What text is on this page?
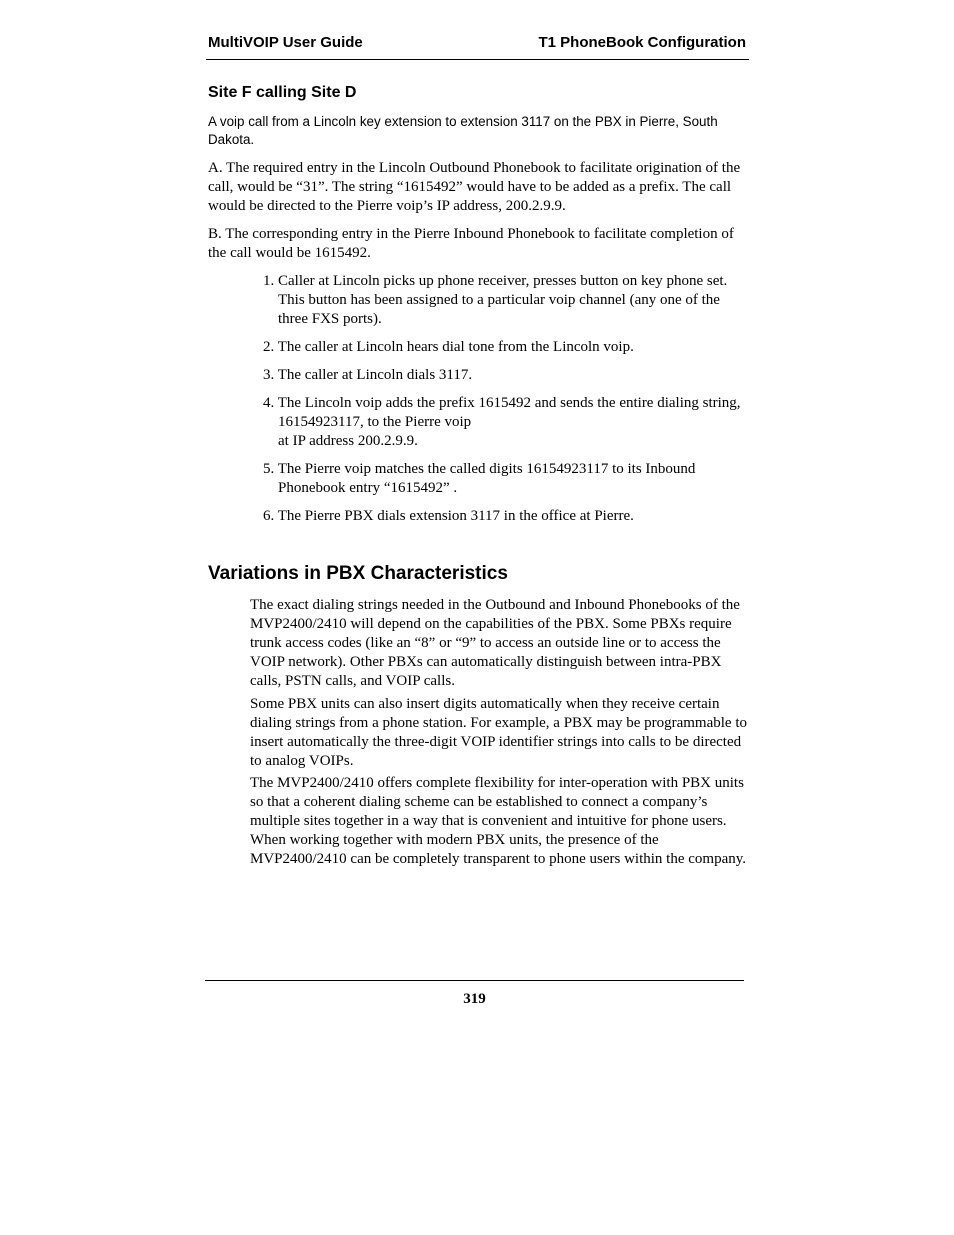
MultiVOIP User Guide	T1 PhoneBook Configuration
Site F calling Site D

A voip call from a Lincoln key extension to extension 3117 on the PBX in Pierre, South Dakota.

A. The required entry in the Lincoln Outbound Phonebook to facilitate origination of the call, would be “31”. The string “1615492” would have to be added as a prefix. The call would be directed to the Pierre voip’s IP address, 200.2.9.9.

B. The corresponding entry in the Pierre Inbound Phonebook to facilitate completion of the call would be 1615492.

1. Caller at Lincoln picks up phone receiver, presses button on key phone set. This button has been assigned to a particular voip channel (any one of the three FXS ports).
2. The caller at Lincoln hears dial tone from the Lincoln voip.
3. The caller at Lincoln dials 3117.
4. The Lincoln voip adds the prefix 1615492 and sends the entire dialing string, 16154923117, to the Pierre voip
at IP address 200.2.9.9.
5. The Pierre voip matches the called digits 16154923117 to its Inbound Phonebook entry “1615492” .
6. The Pierre PBX dials extension 3117 in the office at Pierre.
Variations in PBX Characteristics

The exact dialing strings needed in the Outbound and Inbound Phonebooks of the MVP2400/2410 will depend on the capabilities of the PBX. Some PBXs require trunk access codes (like an “8” or “9” to access an outside line or to access the VOIP network). Other PBXs can automatically distinguish between intra-PBX calls, PSTN calls, and VOIP calls.

Some PBX units can also insert digits automatically when they receive certain dialing strings from a phone station. For example, a PBX may be programmable to insert automatically the three-digit VOIP identifier strings into calls to be directed to analog VOIPs.

The MVP2400/2410 offers complete flexibility for inter-operation with PBX units so that a coherent dialing scheme can be established to connect a company’s multiple sites together in a way that is convenient and intuitive for phone users. When working together with modern PBX units, the presence of the MVP2400/2410 can be completely transparent to phone users within the company.

319
